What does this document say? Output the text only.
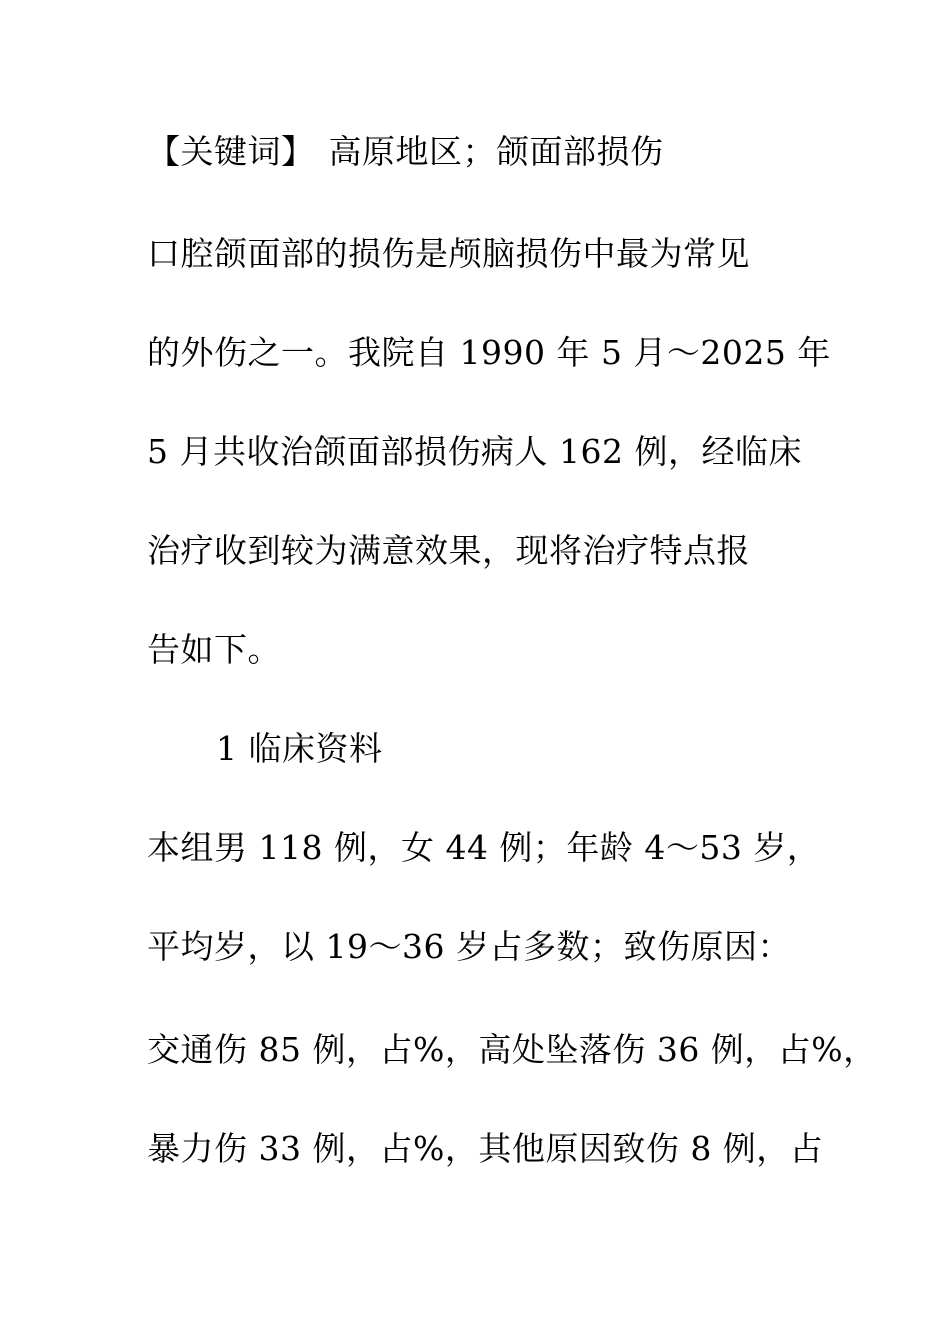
【关键词】 高原地区；颌面部损伤
口腔颌面部的损伤是颅脑损伤中最为常见
的外伤之一。我院自 1990 年 5 月～2025 年
5 月共收治颌面部损伤病人 162 例，经临床
治疗收到较为满意效果，现将治疗特点报
告如下。
1 临床资料
本组男 118 例，女 44 例；年龄 4～53 岁，
平均岁，以 19～36 岁占多数；致伤原因：
交通伤 85 例，占%，高处坠落伤 36 例，占%，
暴力伤 33 例，占%，其他原因致伤 8 例，占
